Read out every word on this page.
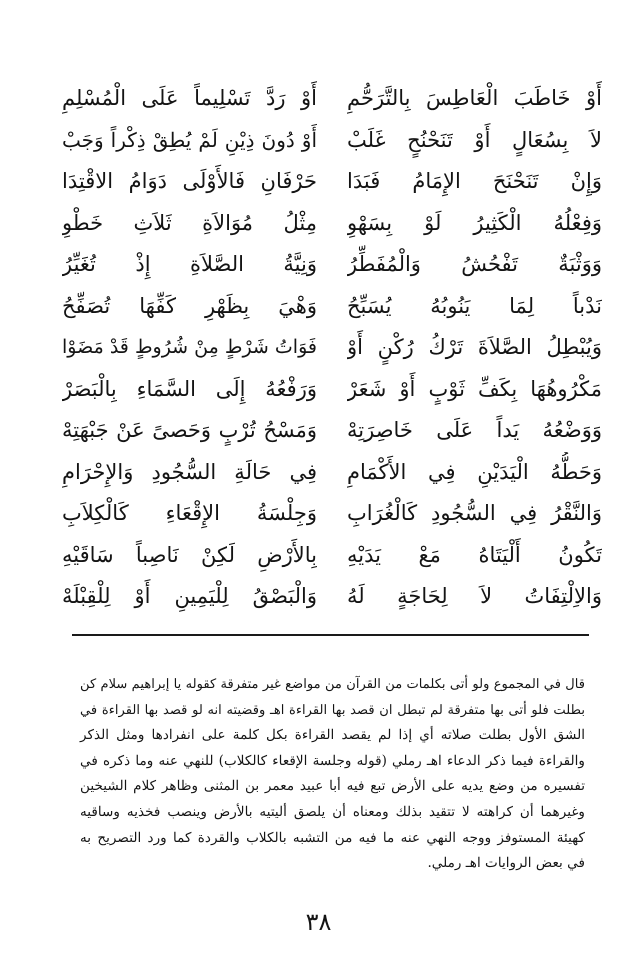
أَوْ خَاطَبَ الْعَاطِسَ بِالتَّرَحُّمِ
لاَ بِسُعَالٍ أَوْ تَنَحْنُحٍ غَلَبْ
وَإِنْ تَنَحْنَحَ الإِمَامُ فَبَدَا
وَفِعْلُهُ الْكَثِيرُ لَوْ بِسَهْوِ
وَوَثْبَةٌ تَفْحُشُ وَالْمُفَطِّرُ
نَدْباً لِمَا يَنُوبُهُ يُسَبِّحُ
وَيُبْطِلُ الصَّلاَةَ تَرْكُ رُكْنٍ أَوْ
مَكْرُوهُهَا بِكَفِّ ثَوْبٍ أَوْ شَعَرْ
وَوَضْعُهُ يَداً عَلَى خَاصِرَتِهْ
وَحَطُّهُ الْيَدَيْنِ فِي الأَكْمَامِ
وَالنَّقْرُ فِي السُّجُودِ كَالْغُرَابِ
تَكُونُ أَلْيَتَاهُ مَعْ يَدَيْهِ
وَالاِلْتِفَاتُ لاَ لِحَاجَةٍ لَهُ
أَوْ رَدَّ تَسْلِيماً عَلَى الْمُسْلِمِ
أَوْ دُونَ ذِيْنِ لَمْ يُطِقْ ذِكْراً وَجَبْ
حَرْفَانِ فَالأَوْلَى دَوَامُ الاقْتِدَا
مِثْلُ مُوَالاَةِ ثَلاَثِ خَطْوِ
وَنِيَّةُ الصَّلاَةِ إِذْ تُغَيِّرُ
وَهْيَ بِظَهْرِ كَفِّهَا تُصَفِّحُ
فَوَاتُ شَرْطٍ مِنْ شُرُوطٍ قَدْ مَضَوْا
وَرَفْعُهُ إِلَى السَّمَاءِ بِالْبَصَرْ
وَمَسْحُ تُرْبٍ وَحَصىً عَنْ جَبْهَتِهْ
فِي حَالَةِ السُّجُودِ وَالإِحْرَامِ
وَجِلْسَةُ الإِقْعَاءِ كَالْكِلاَبِ
بِالأَرْضِ لَكِنْ نَاصِباً سَاقَيْهِ
وَالْبَصْقُ لِلْيَمِينِ أَوْ لِلْقِبْلَهْ
قال في المجموع ولو أتى بكلمات من القرآن من مواضع غير متفرقة كقوله يا إبراهيم سلام كن
بطلت فلو أتى بها متفرقة لم تبطل ان قصد بها القراءة اهـ وقضيته انه لو قصد بها القراءة في
الشق الأول بطلت صلاته أي إذا لم يقصد القراءة بكل كلمة على انفرادها ومثل الذكر
والقراءة فيما ذكر الدعاء اهـ رملي (قوله وجلسة الإقعاء كالكلاب) للنهي عنه وما ذكره في
تفسيره من وضع يديه على الأرض تبع فيه أبا عبيد معمر بن المثنى وظاهر كلام الشيخين
وغيرهما أن كراهته لا تتقيد بذلك ومعناه أن يلصق أليتيه بالأرض وينصب فخذيه وساقيه
كهيئة المستوفز ووجه النهي عنه ما فيه من التشبه بالكلاب والقردة كما ورد التصريح به
في بعض الروايات اهـ رملي.
٣٨
